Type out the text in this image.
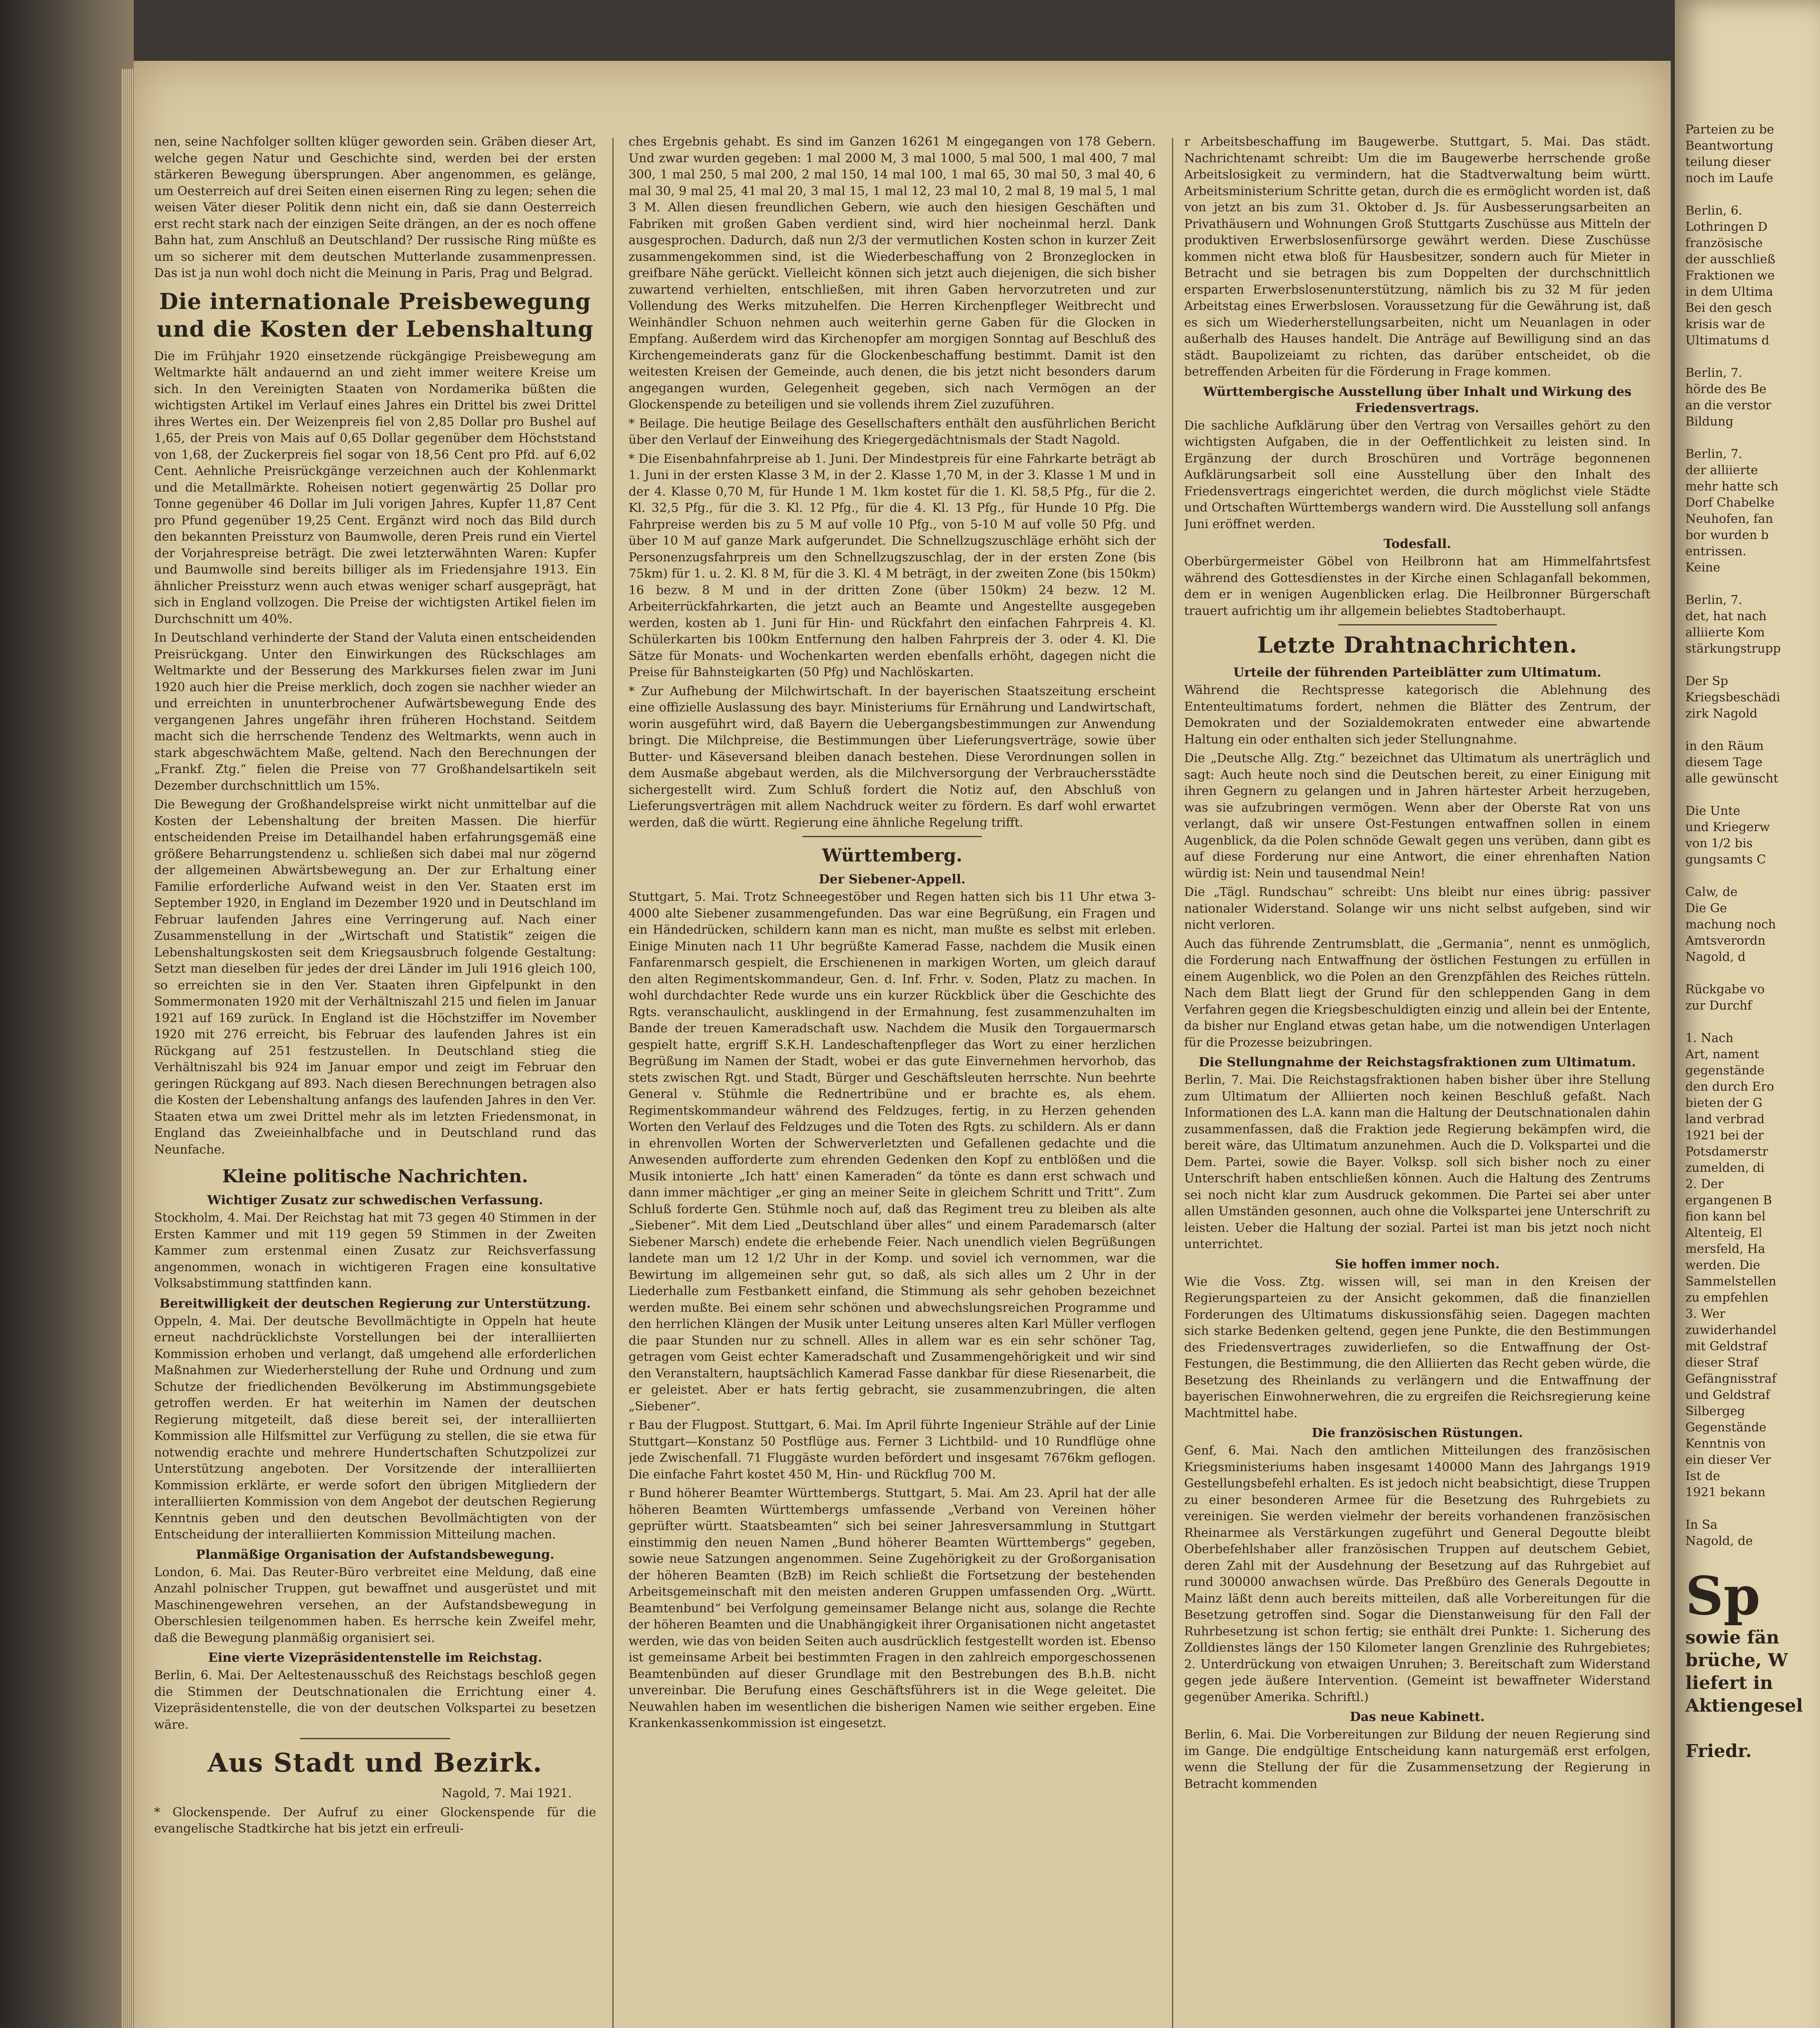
nen, seine Nachfolger sollten klüger geworden sein. Gräben dieser Art, welche gegen Natur und Geschichte sind, werden bei der ersten stärkeren Bewegung übersprungen. Aber angenommen, es gelänge, um Oesterreich auf drei Seiten einen eisernen Ring zu legen; sehen die weisen Väter dieser Politik denn nicht ein, daß sie dann Oesterreich erst recht stark nach der einzigen Seite drängen, an der es noch offene Bahn hat, zum Anschluß an Deutschland? Der russische Ring müßte es um so sicherer mit dem deutschen Mutterlande zusammenpressen. Das ist ja nun wohl doch nicht die Meinung in Paris, Prag und Belgrad.

Die internationale Preisbewegung und die Kosten der Lebenshaltung

Die im Frühjahr 1920 einsetzende rückgängige Preisbewegung am Weltmarkte hält andauernd an und zieht immer weitere Kreise um sich. In den Vereinigten Staaten von Nordamerika büßten die wichtigsten Artikel im Verlauf eines Jahres ein Drittel bis zwei Drittel ihres Wertes ein. Der Weizenpreis fiel von 2,85 Dollar pro Bushel auf 1,65, der Preis von Mais auf 0,65 Dollar gegenüber dem Höchststand von 1,68, der Zuckerpreis fiel sogar von 18,56 Cent pro Pfd. auf 6,02 Cent. Aehnliche Preisrückgänge verzeichnen auch der Kohlenmarkt und die Metallmärkte. Roheisen notiert gegenwärtig 25 Dollar pro Tonne gegenüber 46 Dollar im Juli vorigen Jahres, Kupfer 11,87 Cent pro Pfund gegenüber 19,25 Cent. Ergänzt wird noch das Bild durch den bekannten Preissturz von Baumwolle, deren Preis rund ein Viertel der Vorjahrespreise beträgt. Die zwei letzterwähnten Waren: Kupfer und Baumwolle sind bereits billiger als im Friedensjahre 1913. Ein ähnlicher Preissturz wenn auch etwas weniger scharf ausgeprägt, hat sich in England vollzogen. Die Preise der wichtigsten Artikel fielen im Durchschnitt um 40%.

In Deutschland verhinderte der Stand der Valuta einen entscheidenden Preisrückgang. Unter den Einwirkungen des Rückschlages am Weltmarkte und der Besserung des Markkurses fielen zwar im Juni 1920 auch hier die Preise merklich, doch zogen sie nachher wieder an und erreichten in ununterbrochener Aufwärtsbewegung Ende des vergangenen Jahres ungefähr ihren früheren Hochstand. Seitdem macht sich die herrschende Tendenz des Weltmarkts, wenn auch in stark abgeschwächtem Maße, geltend. Nach den Berechnungen der „Frankf. Ztg.“ fielen die Preise von 77 Großhandelsartikeln seit Dezember durchschnittlich um 15%.

Die Bewegung der Großhandelspreise wirkt nicht unmittelbar auf die Kosten der Lebenshaltung der breiten Massen. Die hierfür entscheidenden Preise im Detailhandel haben erfahrungsgemäß eine größere Beharrungstendenz u. schließen sich dabei mal nur zögernd der allgemeinen Abwärtsbewegung an. Der zur Erhaltung einer Familie erforderliche Aufwand weist in den Ver. Staaten erst im September 1920, in England im Dezember 1920 und in Deutschland im Februar laufenden Jahres eine Verringerung auf. Nach einer Zusammenstellung in der „Wirtschaft und Statistik“ zeigen die Lebenshaltungskosten seit dem Kriegsausbruch folgende Gestaltung: Setzt man dieselben für jedes der drei Länder im Juli 1916 gleich 100, so erreichten sie in den Ver. Staaten ihren Gipfelpunkt in den Sommermonaten 1920 mit der Verhältniszahl 215 und fielen im Januar 1921 auf 169 zurück. In England ist die Höchstziffer im November 1920 mit 276 erreicht, bis Februar des laufenden Jahres ist ein Rückgang auf 251 festzustellen. In Deutschland stieg die Verhältniszahl bis 924 im Januar empor und zeigt im Februar den geringen Rückgang auf 893. Nach diesen Berechnungen betragen also die Kosten der Lebenshaltung anfangs des laufenden Jahres in den Ver. Staaten etwa um zwei Drittel mehr als im letzten Friedensmonat, in England das Zweieinhalbfache und in Deutschland rund das Neunfache.

Kleine politische Nachrichten.
Wichtiger Zusatz zur schwedischen Verfassung.

Stockholm, 4. Mai. Der Reichstag hat mit 73 gegen 40 Stimmen in der Ersten Kammer und mit 119 gegen 59 Stimmen in der Zweiten Kammer zum erstenmal einen Zusatz zur Reichsverfassung angenommen, wonach in wichtigeren Fragen eine konsultative Volksabstimmung stattfinden kann.

Bereitwilligkeit der deutschen Regierung zur Unterstützung.

Oppeln, 4. Mai. Der deutsche Bevollmächtigte in Oppeln hat heute erneut nachdrücklichste Vorstellungen bei der interalliierten Kommission erhoben und verlangt, daß umgehend alle erforderlichen Maßnahmen zur Wiederherstellung der Ruhe und Ordnung und zum Schutze der friedlichenden Bevölkerung im Abstimmungsgebiete getroffen werden. Er hat weiterhin im Namen der deutschen Regierung mitgeteilt, daß diese bereit sei, der interalliierten Kommission alle Hilfsmittel zur Verfügung zu stellen, die sie etwa für notwendig erachte und mehrere Hundertschaften Schutzpolizei zur Unterstützung angeboten. Der Vorsitzende der interalliierten Kommission erklärte, er werde sofort den übrigen Mitgliedern der interalliierten Kommission von dem Angebot der deutschen Regierung Kenntnis geben und den deutschen Bevollmächtigten von der Entscheidung der interalliierten Kommission Mitteilung machen.

Planmäßige Organisation der Aufstandsbewegung.

London, 6. Mai. Das Reuter-Büro verbreitet eine Meldung, daß eine Anzahl polnischer Truppen, gut bewaffnet und ausgerüstet und mit Maschinengewehren versehen, an der Aufstandsbewegung in Oberschlesien teilgenommen haben. Es herrsche kein Zweifel mehr, daß die Bewegung planmäßig organisiert sei.

Eine vierte Vizepräsidentenstelle im Reichstag.

Berlin, 6. Mai. Der Aeltestenausschuß des Reichstags beschloß gegen die Stimmen der Deutschnationalen die Errichtung einer 4. Vizepräsidentenstelle, die von der deutschen Volkspartei zu besetzen wäre.

Aus Stadt und Bezirk.

Nagold, 7. Mai 1921.

* Glockenspende. Der Aufruf zu einer Glockenspende für die evangelische Stadtkirche hat bis jetzt ein erfreuli-

ches Ergebnis gehabt. Es sind im Ganzen 16261 M eingegangen von 178 Gebern. Und zwar wurden gegeben: 1 mal 2000 M, 3 mal 1000, 5 mal 500, 1 mal 400, 7 mal 300, 1 mal 250, 5 mal 200, 2 mal 150, 14 mal 100, 1 mal 65, 30 mal 50, 3 mal 40, 6 mal 30, 9 mal 25, 41 mal 20, 3 mal 15, 1 mal 12, 23 mal 10, 2 mal 8, 19 mal 5, 1 mal 3 M. Allen diesen freundlichen Gebern, wie auch den hiesigen Geschäften und Fabriken mit großen Gaben verdient sind, wird hier nocheinmal herzl. Dank ausgesprochen. Dadurch, daß nun 2/3 der vermutlichen Kosten schon in kurzer Zeit zusammengekommen sind, ist die Wiederbeschaffung von 2 Bronzeglocken in greifbare Nähe gerückt. Vielleicht können sich jetzt auch diejenigen, die sich bisher zuwartend verhielten, entschließen, mit ihren Gaben hervorzutreten und zur Vollendung des Werks mitzuhelfen. Die Herren Kirchenpfleger Weitbrecht und Weinhändler Schuon nehmen auch weiterhin gerne Gaben für die Glocken in Empfang. Außerdem wird das Kirchenopfer am morgigen Sonntag auf Beschluß des Kirchengemeinderats ganz für die Glockenbeschaffung bestimmt. Damit ist den weitesten Kreisen der Gemeinde, auch denen, die bis jetzt nicht besonders darum angegangen wurden, Gelegenheit gegeben, sich nach Vermögen an der Glockenspende zu beteiligen und sie vollends ihrem Ziel zuzuführen.

* Beilage. Die heutige Beilage des Gesellschafters enthält den ausführlichen Bericht über den Verlauf der Einweihung des Kriegergedächtnismals der Stadt Nagold.

* Die Eisenbahnfahrpreise ab 1. Juni. Der Mindestpreis für eine Fahrkarte beträgt ab 1. Juni in der ersten Klasse 3 M, in der 2. Klasse 1,70 M, in der 3. Klasse 1 M und in der 4. Klasse 0,70 M, für Hunde 1 M. 1km kostet für die 1. Kl. 58,5 Pfg., für die 2. Kl. 32,5 Pfg., für die 3. Kl. 12 Pfg., für die 4. Kl. 13 Pfg., für Hunde 10 Pfg. Die Fahrpreise werden bis zu 5 M auf volle 10 Pfg., von 5-10 M auf volle 50 Pfg. und über 10 M auf ganze Mark aufgerundet. Die Schnellzugszuschläge erhöht sich der Personenzugsfahrpreis um den Schnellzugszuschlag, der in der ersten Zone (bis 75km) für 1. u. 2. Kl. 8 M, für die 3. Kl. 4 M beträgt, in der zweiten Zone (bis 150km) 16 bezw. 8 M und in der dritten Zone (über 150km) 24 bezw. 12 M. Arbeiterrückfahrkarten, die jetzt auch an Beamte und Angestellte ausgegeben werden, kosten ab 1. Juni für Hin- und Rückfahrt den einfachen Fahrpreis 4. Kl. Schülerkarten bis 100km Entfernung den halben Fahrpreis der 3. oder 4. Kl. Die Sätze für Monats- und Wochenkarten werden ebenfalls erhöht, dagegen nicht die Preise für Bahnsteigkarten (50 Pfg) und Nachlöskarten.

* Zur Aufhebung der Milchwirtschaft. In der bayerischen Staatszeitung erscheint eine offizielle Auslassung des bayr. Ministeriums für Ernährung und Landwirtschaft, worin ausgeführt wird, daß Bayern die Uebergangsbestimmungen zur Anwendung bringt. Die Milchpreise, die Bestimmungen über Lieferungsverträge, sowie über Butter- und Käseversand bleiben danach bestehen. Diese Verordnungen sollen in dem Ausmaße abgebaut werden, als die Milchversorgung der Verbrauchersstädte sichergestellt wird. Zum Schluß fordert die Notiz auf, den Abschluß von Lieferungsverträgen mit allem Nachdruck weiter zu fördern. Es darf wohl erwartet werden, daß die württ. Regierung eine ähnliche Regelung trifft.

Württemberg.
Der Siebener-Appell.

Stuttgart, 5. Mai. Trotz Schneegestöber und Regen hatten sich bis 11 Uhr etwa 3-4000 alte Siebener zusammengefunden. Das war eine Begrüßung, ein Fragen und ein Händedrücken, schildern kann man es nicht, man mußte es selbst mit erleben. Einige Minuten nach 11 Uhr begrüßte Kamerad Fasse, nachdem die Musik einen Fanfarenmarsch gespielt, die Erschienenen in markigen Worten, um gleich darauf den alten Regimentskommandeur, Gen. d. Inf. Frhr. v. Soden, Platz zu machen. In wohl durchdachter Rede wurde uns ein kurzer Rückblick über die Geschichte des Rgts. veranschaulicht, ausklingend in der Ermahnung, fest zusammenzuhalten im Bande der treuen Kameradschaft usw. Nachdem die Musik den Torgauermarsch gespielt hatte, ergriff S.K.H. Landeschaftenpfleger das Wort zu einer herzlichen Begrüßung im Namen der Stadt, wobei er das gute Einvernehmen hervorhob, das stets zwischen Rgt. und Stadt, Bürger und Geschäftsleuten herrschte. Nun beehrte General v. Stühmle die Rednertribüne und er brachte es, als ehem. Regimentskommandeur während des Feldzuges, fertig, in zu Herzen gehenden Worten den Verlauf des Feldzuges und die Toten des Rgts. zu schildern. Als er dann in ehrenvollen Worten der Schwerverletzten und Gefallenen gedachte und die Anwesenden aufforderte zum ehrenden Gedenken den Kopf zu entblößen und die Musik intonierte „Ich hatt' einen Kameraden“ da tönte es dann erst schwach und dann immer mächtiger „er ging an meiner Seite in gleichem Schritt und Tritt“. Zum Schluß forderte Gen. Stühmle noch auf, daß das Regiment treu zu bleiben als alte „Siebener“. Mit dem Lied „Deutschland über alles“ und einem Parademarsch (alter Siebener Marsch) endete die erhebende Feier. Nach unendlich vielen Begrüßungen landete man um 12 1/2 Uhr in der Komp. und soviel ich vernommen, war die Bewirtung im allgemeinen sehr gut, so daß, als sich alles um 2 Uhr in der Liederhalle zum Festbankett einfand, die Stimmung als sehr gehoben bezeichnet werden mußte. Bei einem sehr schönen und abwechslungsreichen Programme und den herrlichen Klängen der Musik unter Leitung unseres alten Karl Müller verflogen die paar Stunden nur zu schnell. Alles in allem war es ein sehr schöner Tag, getragen vom Geist echter Kameradschaft und Zusammengehörigkeit und wir sind den Veranstaltern, hauptsächlich Kamerad Fasse dankbar für diese Riesenarbeit, die er geleistet. Aber er hats fertig gebracht, sie zusammenzubringen, die alten „Siebener“.

r Bau der Flugpost. Stuttgart, 6. Mai. Im April führte Ingenieur Strähle auf der Linie Stuttgart—Konstanz 50 Postflüge aus. Ferner 3 Lichtbild- und 10 Rundflüge ohne jede Zwischenfall. 71 Fluggäste wurden befördert und insgesamt 7676km geflogen. Die einfache Fahrt kostet 450 M, Hin- und Rückflug 700 M.

r Bund höherer Beamter Württembergs. Stuttgart, 5. Mai. Am 23. April hat der alle höheren Beamten Württembergs umfassende „Verband von Vereinen höher geprüfter württ. Staatsbeamten“ sich bei seiner Jahresversammlung in Stuttgart einstimmig den neuen Namen „Bund höherer Beamten Württembergs“ gegeben, sowie neue Satzungen angenommen. Seine Zugehörigkeit zu der Großorganisation der höheren Beamten (BzB) im Reich schließt die Fortsetzung der bestehenden Arbeitsgemeinschaft mit den meisten anderen Gruppen umfassenden Org. „Württ. Beamtenbund“ bei Verfolgung gemeinsamer Belange nicht aus, solange die Rechte der höheren Beamten und die Unabhängigkeit ihrer Organisationen nicht angetastet werden, wie das von beiden Seiten auch ausdrücklich festgestellt worden ist. Ebenso ist gemeinsame Arbeit bei bestimmten Fragen in den zahlreich emporgeschossenen Beamtenbünden auf dieser Grundlage mit den Bestrebungen des B.h.B. nicht unvereinbar. Die Berufung eines Geschäftsführers ist in die Wege geleitet. Die Neuwahlen haben im wesentlichen die bisherigen Namen wie seither ergeben. Eine Krankenkassenkommission ist eingesetzt.

r Arbeitsbeschaffung im Baugewerbe. Stuttgart, 5. Mai. Das städt. Nachrichtenamt schreibt: Um die im Baugewerbe herrschende große Arbeitslosigkeit zu vermindern, hat die Stadtverwaltung beim württ. Arbeitsministerium Schritte getan, durch die es ermöglicht worden ist, daß von jetzt an bis zum 31. Oktober d. Js. für Ausbesserungsarbeiten an Privathäusern und Wohnungen Groß Stuttgarts Zuschüsse aus Mitteln der produktiven Erwerbslosenfürsorge gewährt werden. Diese Zuschüsse kommen nicht etwa bloß für Hausbesitzer, sondern auch für Mieter in Betracht und sie betragen bis zum Doppelten der durchschnittlich ersparten Erwerbslosenunterstützung, nämlich bis zu 32 M für jeden Arbeitstag eines Erwerbslosen. Voraussetzung für die Gewährung ist, daß es sich um Wiederherstellungsarbeiten, nicht um Neuanlagen in oder außerhalb des Hauses handelt. Die Anträge auf Bewilligung sind an das städt. Baupolizeiamt zu richten, das darüber entscheidet, ob die betreffenden Arbeiten für die Förderung in Frage kommen.

Württembergische Ausstellung über Inhalt und Wirkung des Friedensvertrags.

Die sachliche Aufklärung über den Vertrag von Versailles gehört zu den wichtigsten Aufgaben, die in der Oeffentlichkeit zu leisten sind. In Ergänzung der durch Broschüren und Vorträge begonnenen Aufklärungsarbeit soll eine Ausstellung über den Inhalt des Friedensvertrags eingerichtet werden, die durch möglichst viele Städte und Ortschaften Württembergs wandern wird. Die Ausstellung soll anfangs Juni eröffnet werden.

Todesfall.

Oberbürgermeister Göbel von Heilbronn hat am Himmelfahrtsfest während des Gottesdienstes in der Kirche einen Schlaganfall bekommen, dem er in wenigen Augenblicken erlag. Die Heilbronner Bürgerschaft trauert aufrichtig um ihr allgemein beliebtes Stadtoberhaupt.

Letzte Drahtnachrichten.
Urteile der führenden Parteiblätter zum Ultimatum.

Während die Rechtspresse kategorisch die Ablehnung des Ententeultimatums fordert, nehmen die Blätter des Zentrum, der Demokraten und der Sozialdemokraten entweder eine abwartende Haltung ein oder enthalten sich jeder Stellungnahme.

Die „Deutsche Allg. Ztg.“ bezeichnet das Ultimatum als unerträglich und sagt: Auch heute noch sind die Deutschen bereit, zu einer Einigung mit ihren Gegnern zu gelangen und in Jahren härtester Arbeit herzugeben, was sie aufzubringen vermögen. Wenn aber der Oberste Rat von uns verlangt, daß wir unsere Ost-Festungen entwaffnen sollen in einem Augenblick, da die Polen schnöde Gewalt gegen uns verüben, dann gibt es auf diese Forderung nur eine Antwort, die einer ehrenhaften Nation würdig ist: Nein und tausendmal Nein!

Die „Tägl. Rundschau“ schreibt: Uns bleibt nur eines übrig: passiver nationaler Widerstand. Solange wir uns nicht selbst aufgeben, sind wir nicht verloren.

Auch das führende Zentrumsblatt, die „Germania“, nennt es unmöglich, die Forderung nach Entwaffnung der östlichen Festungen zu erfüllen in einem Augenblick, wo die Polen an den Grenzpfählen des Reiches rütteln. Nach dem Blatt liegt der Grund für den schleppenden Gang in dem Verfahren gegen die Kriegsbeschuldigten einzig und allein bei der Entente, da bisher nur England etwas getan habe, um die notwendigen Unterlagen für die Prozesse beizubringen.

Die Stellungnahme der Reichstagsfraktionen zum Ultimatum.

Berlin, 7. Mai. Die Reichstagsfraktionen haben bisher über ihre Stellung zum Ultimatum der Alliierten noch keinen Beschluß gefaßt. Nach Informationen des L.A. kann man die Haltung der Deutschnationalen dahin zusammenfassen, daß die Fraktion jede Regierung bekämpfen wird, die bereit wäre, das Ultimatum anzunehmen. Auch die D. Volkspartei und die Dem. Partei, sowie die Bayer. Volksp. soll sich bisher noch zu einer Unterschrift haben entschließen können. Auch die Haltung des Zentrums sei noch nicht klar zum Ausdruck gekommen. Die Partei sei aber unter allen Umständen gesonnen, auch ohne die Volkspartei jene Unterschrift zu leisten. Ueber die Haltung der sozial. Partei ist man bis jetzt noch nicht unterrichtet.

Sie hoffen immer noch.

Wie die Voss. Ztg. wissen will, sei man in den Kreisen der Regierungsparteien zu der Ansicht gekommen, daß die finanziellen Forderungen des Ultimatums diskussionsfähig seien. Dagegen machten sich starke Bedenken geltend, gegen jene Punkte, die den Bestimmungen des Friedensvertrages zuwiderliefen, so die Entwaffnung der Ost-Festungen, die Bestimmung, die den Alliierten das Recht geben würde, die Besetzung des Rheinlands zu verlängern und die Entwaffnung der bayerischen Einwohnerwehren, die zu ergreifen die Reichsregierung keine Machtmittel habe.

Die französischen Rüstungen.

Genf, 6. Mai. Nach den amtlichen Mitteilungen des französischen Kriegsministeriums haben insgesamt 140000 Mann des Jahrgangs 1919 Gestellungsbefehl erhalten. Es ist jedoch nicht beabsichtigt, diese Truppen zu einer besonderen Armee für die Besetzung des Ruhrgebiets zu vereinigen. Sie werden vielmehr der bereits vorhandenen französischen Rheinarmee als Verstärkungen zugeführt und General Degoutte bleibt Oberbefehlshaber aller französischen Truppen auf deutschem Gebiet, deren Zahl mit der Ausdehnung der Besetzung auf das Ruhrgebiet auf rund 300000 anwachsen würde. Das Preßbüro des Generals Degoutte in Mainz läßt denn auch bereits mitteilen, daß alle Vorbereitungen für die Besetzung getroffen sind. Sogar die Dienstanweisung für den Fall der Ruhrbesetzung ist schon fertig; sie enthält drei Punkte: 1. Sicherung des Zolldienstes längs der 150 Kilometer langen Grenzlinie des Ruhrgebietes; 2. Unterdrückung von etwaigen Unruhen; 3. Bereitschaft zum Widerstand gegen jede äußere Intervention. (Gemeint ist bewaffneter Widerstand gegenüber Amerika. Schriftl.)

Das neue Kabinett.

Berlin, 6. Mai. Die Vorbereitungen zur Bildung der neuen Regierung sind im Gange. Die endgültige Entscheidung kann naturgemäß erst erfolgen, wenn die Stellung der für die Zusammensetzung der Regierung in Betracht kommenden

Parteien zu be

Beantwortung

teilung dieser

noch im Laufe

Berlin, 6.

Lothringen D

französische

der ausschließ

Fraktionen we

in dem Ultima

Bei den gesch

krisis war de

Ultimatums d

Berlin, 7.

hörde des Be

an die verstor

Bildung

Berlin, 7.

der alliierte

mehr hatte sch

Dorf Chabelke

Neuhofen, fan

bor wurden b

entrissen.

Keine

Berlin, 7.

det, hat nach

alliierte Kom

stärkungstrupp

Der Sp

Kriegsbeschädi

zirk Nagold

in den Räum

diesem Tage

alle gewünscht

Die Unte

und Kriegerw

von 1/2 bis

gungsamts C

Calw, de

Die Ge

machung noch

Amtsverordn

Nagold, d

Rückgabe vo

zur Durchf

1. Nach

Art, nament

gegenstände

den durch Ero

bieten der G

land verbrad

1921 bei der

Potsdamerstr

zumelden, di

2. Der

ergangenen B

fion kann bel

Altenteig, El

mersfeld, Ha

werden. Die

Sammelstellen

zu empfehlen

3. Wer

zuwiderhandel

mit Geldstraf

dieser Straf

Gefängnisstraf

und Geldstraf

Silbergeg

Gegenstände

Kenntnis von

ein dieser Ver

Ist de

1921 bekann

In Sa

Nagold, de

Sp

sowie fän

brüche, W

liefert in

Aktiengesel

Friedr.
